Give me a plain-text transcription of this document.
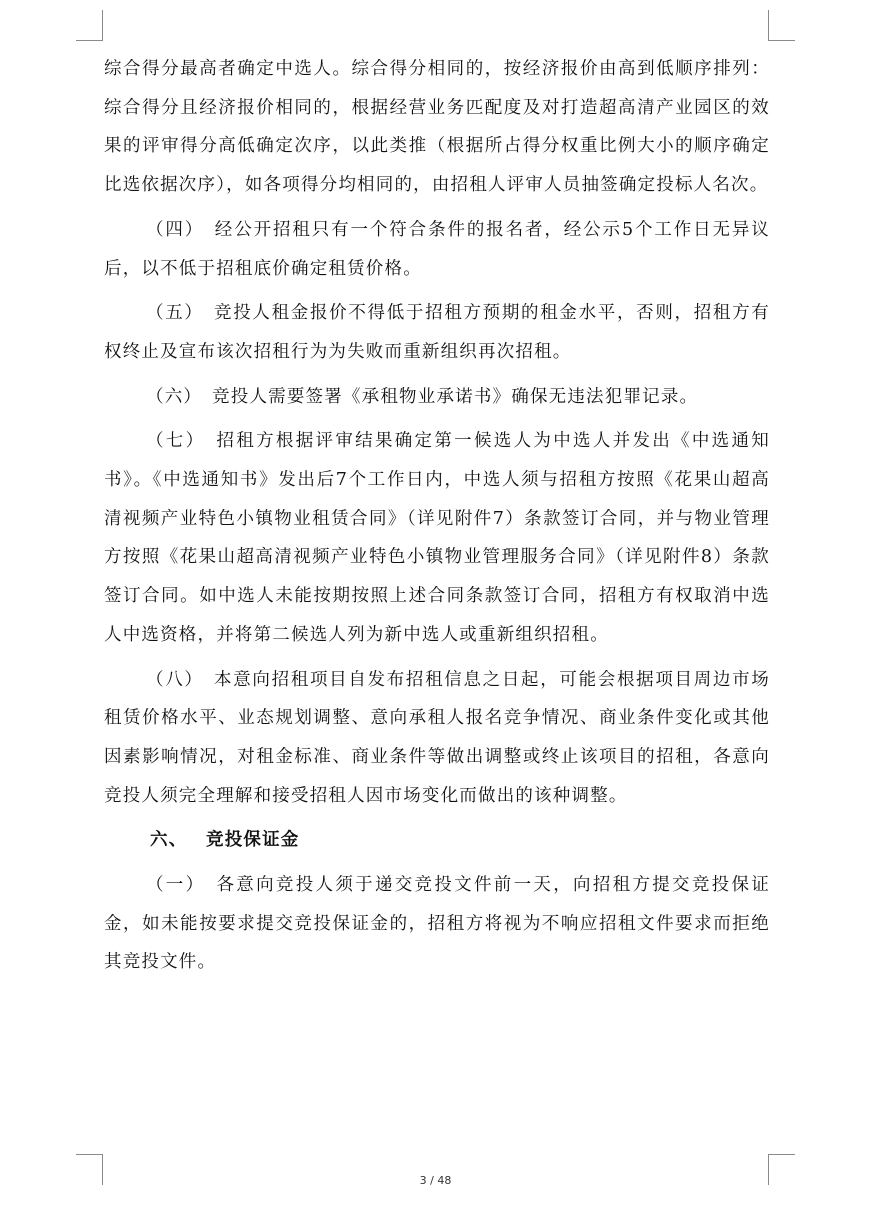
综合得分最高者确定中选人。综合得分相同的，按经济报价由高到低顺序排列：综合得分且经济报价相同的，根据经营业务匹配度及对打造超高清产业园区的效果的评审得分高低确定次序，以此类推（根据所占得分权重比例大小的顺序确定比选依据次序），如各项得分均相同的，由招租人评审人员抽签确定投标人名次。

（四）　经公开招租只有一个符合条件的报名者，经公示5个工作日无异议后，以不低于招租底价确定租赁价格。

（五）　竞投人租金报价不得低于招租方预期的租金水平，否则，招租方有权终止及宣布该次招租行为为失败而重新组织再次招租。

（六）　竞投人需要签署《承租物业承诺书》确保无违法犯罪记录。

（七）　招租方根据评审结果确定第一候选人为中选人并发出《中选通知书》。《中选通知书》发出后7个工作日内，中选人须与招租方按照《花果山超高清视频产业特色小镇物业租赁合同》（详见附件7）条款签订合同，并与物业管理方按照《花果山超高清视频产业特色小镇物业管理服务合同》（详见附件8）条款签订合同。如中选人未能按期按照上述合同条款签订合同，招租方有权取消中选人中选资格，并将第二候选人列为新中选人或重新组织招租。

（八）　本意向招租项目自发布招租信息之日起，可能会根据项目周边市场租赁价格水平、业态规划调整、意向承租人报名竞争情况、商业条件变化或其他因素影响情况，对租金标准、商业条件等做出调整或终止该项目的招租，各意向竞投人须完全理解和接受招租人因市场变化而做出的该种调整。

六、 竞投保证金

（一）　各意向竞投人须于递交竞投文件前一天，向招租方提交竞投保证金，如未能按要求提交竞投保证金的，招租方将视为不响应招租文件要求而拒绝其竞投文件。

3 / 48
